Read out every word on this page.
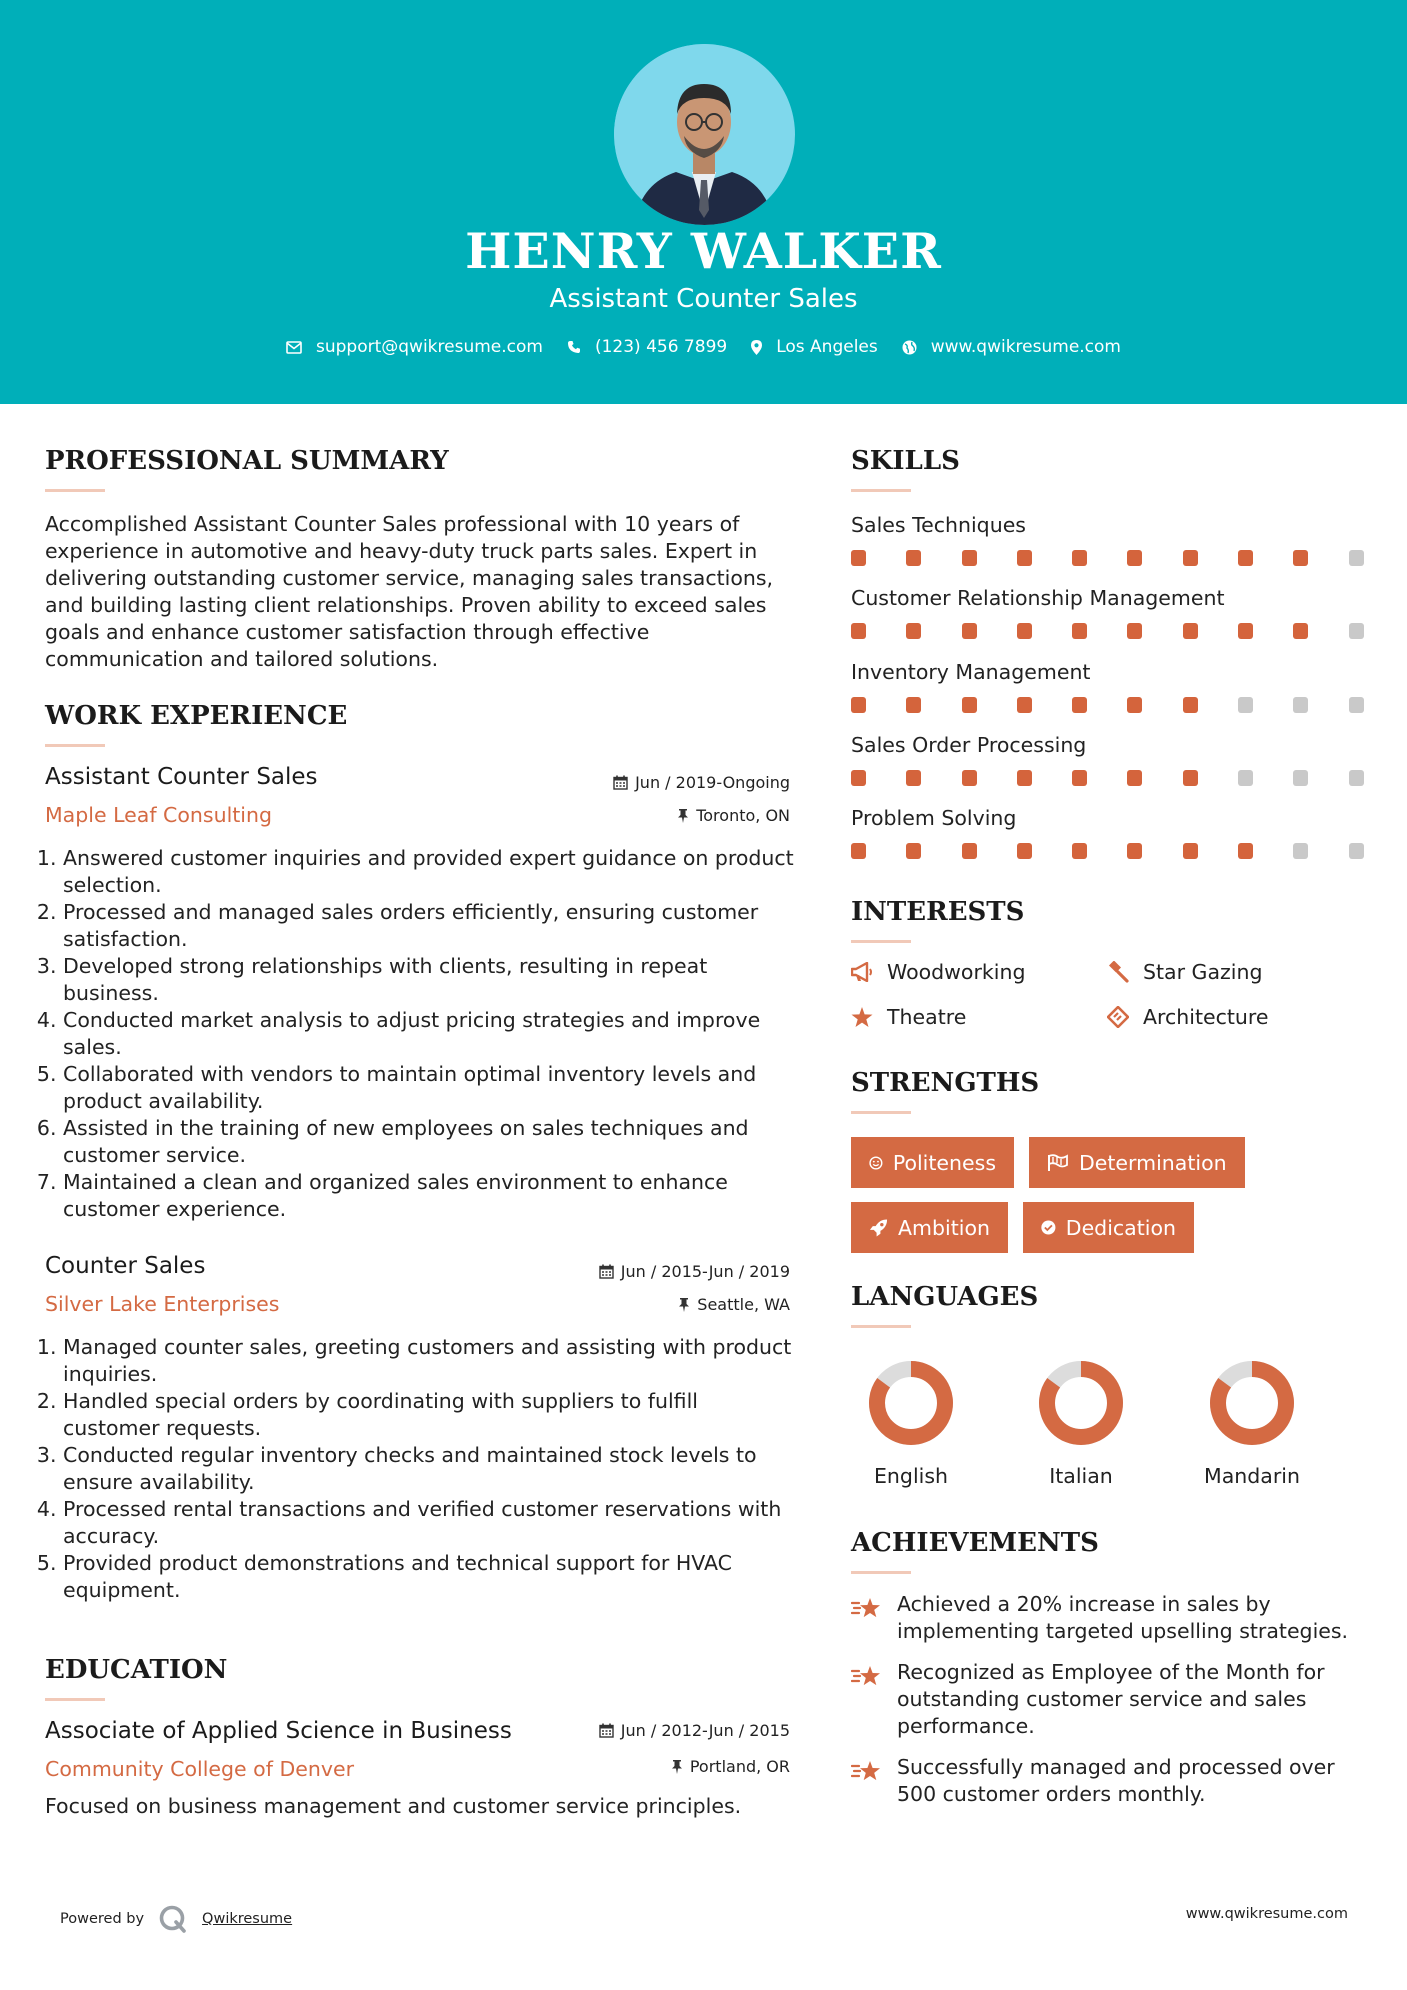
HENRY WALKER
Assistant Counter Sales
support@qwikresume.com	(123) 456 7899	Los Angeles	www.qwikresume.com
PROFESSIONAL SUMMARY
Accomplished Assistant Counter Sales professional with 10 years of experience in automotive and heavy-duty truck parts sales. Expert in delivering outstanding customer service, managing sales transactions, and building lasting client relationships. Proven ability to exceed sales goals and enhance customer satisfaction through effective communication and tailored solutions.
WORK EXPERIENCE
Assistant Counter Sales	Jun / 2019-Ongoing
Maple Leaf Consulting	Toronto, ON
1. Answered customer inquiries and provided expert guidance on product selection.
2. Processed and managed sales orders efficiently, ensuring customer satisfaction.
3. Developed strong relationships with clients, resulting in repeat business.
4. Conducted market analysis to adjust pricing strategies and improve sales.
5. Collaborated with vendors to maintain optimal inventory levels and product availability.
6. Assisted in the training of new employees on sales techniques and customer service.
7. Maintained a clean and organized sales environment to enhance customer experience.
Counter Sales	Jun / 2015-Jun / 2019
Silver Lake Enterprises	Seattle, WA
1. Managed counter sales, greeting customers and assisting with product inquiries.
2. Handled special orders by coordinating with suppliers to fulfill customer requests.
3. Conducted regular inventory checks and maintained stock levels to ensure availability.
4. Processed rental transactions and verified customer reservations with accuracy.
5. Provided product demonstrations and technical support for HVAC equipment.
EDUCATION
Associate of Applied Science in Business	Jun / 2012-Jun / 2015
Community College of Denver	Portland, OR
Focused on business management and customer service principles.
SKILLS
Sales Techniques
Customer Relationship Management
Inventory Management
Sales Order Processing
Problem Solving
INTERESTS
Woodworking	Star Gazing
Theatre	Architecture
STRENGTHS
Politeness	Determination
Ambition	Dedication
LANGUAGES
English	Italian	Mandarin
ACHIEVEMENTS
Achieved a 20% increase in sales by implementing targeted upselling strategies.
Recognized as Employee of the Month for outstanding customer service and sales performance.
Successfully managed and processed over 500 customer orders monthly.
Powered by	Qwikresume	www.qwikresume.com
